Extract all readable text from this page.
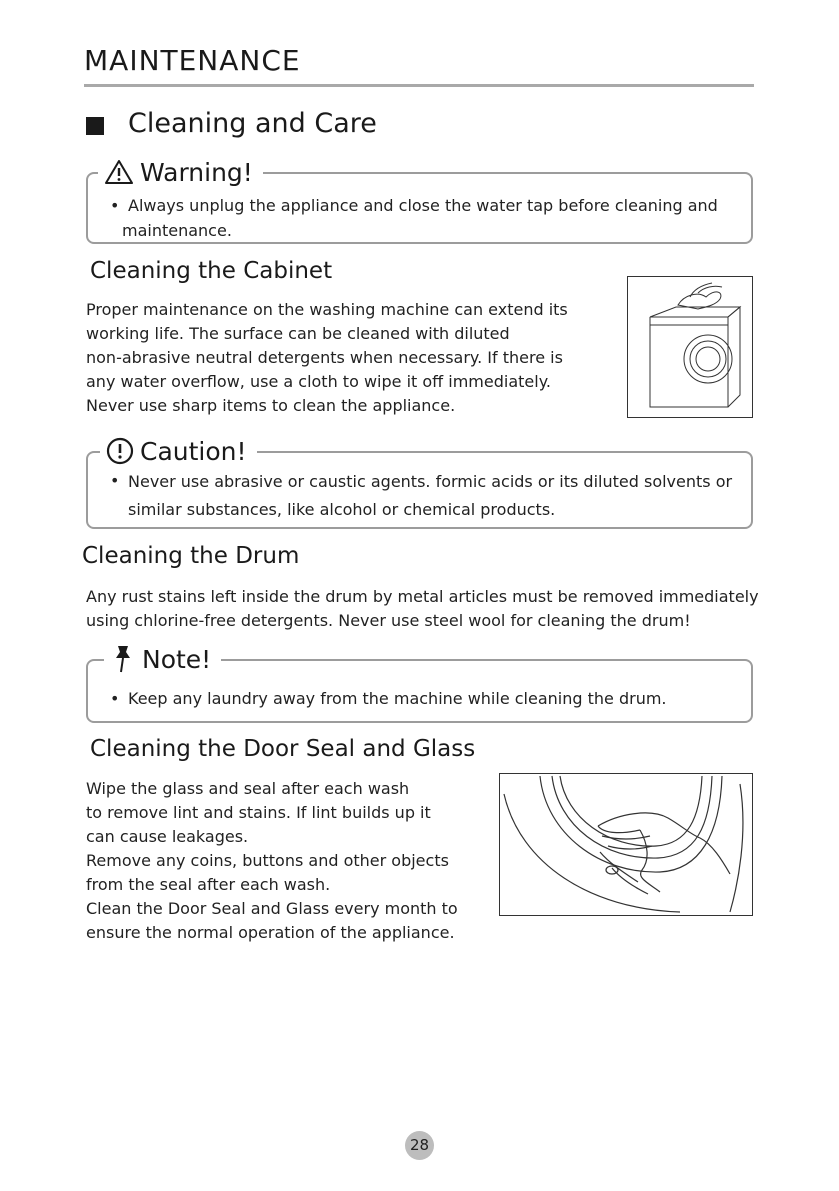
MAINTENANCE
Cleaning and Care
Warning!
• Always unplug the appliance and close the water tap before cleaning and
maintenance.
Cleaning the Cabinet
Proper maintenance on the washing machine can extend its
working life. The surface can be cleaned with diluted
non-abrasive neutral detergents when necessary. If there is
any water overflow, use a cloth to wipe it off immediately.
Never use sharp items to clean the appliance.
Caution!
• Never use abrasive or caustic agents. formic acids or its diluted solvents or
similar substances, like alcohol or chemical products.
Cleaning the Drum
Any rust stains left inside the drum by metal articles must be removed immediately
using chlorine-free detergents. Never use steel wool for cleaning the drum!
Note!
• Keep any laundry away from the machine while cleaning the drum.
Cleaning the Door Seal and Glass
Wipe the glass and seal after each wash
to remove lint and stains. If lint builds up it
can cause leakages.
Remove any coins, buttons and other objects
from the seal after each wash.
Clean the Door Seal and Glass every month to
ensure the normal operation of the appliance.
28
